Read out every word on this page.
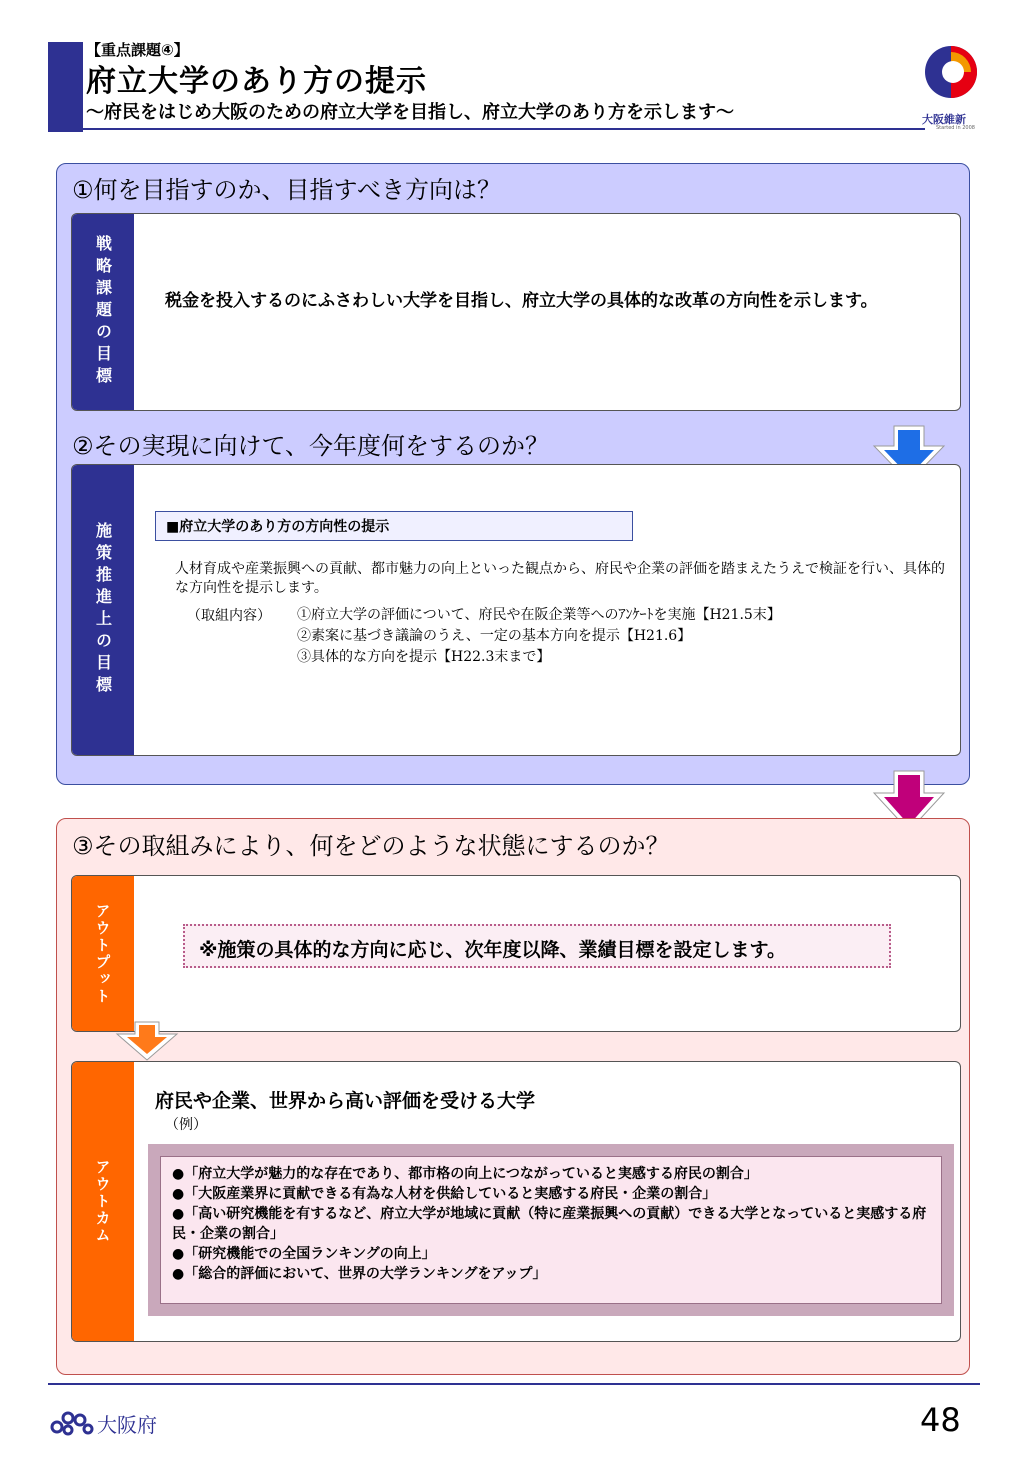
【重点課題④】
府立大学のあり方の提示
～府民をはじめ大阪のための府立大学を目指し、府立大学のあり方を示します～	大阪維新
Started in 2008
①何を目指すのか、目指すべき方向は？
戦略課題の目標	税金を投入するのにふさわしい大学を目指し、府立大学の具体的な改革の方向性を示します。
②その実現に向けて、今年度何をするのか？
施策推進上の目標	■府立大学のあり方の方向性の提示
人材育成や産業振興への貢献、都市魅力の向上といった観点から、府民や企業の評価を踏まえたうえで検証を行い、具体的な方向性を提示します。
（取組内容） ①府立大学の評価について、府民や在阪企業等へのｱﾝｹｰﾄを実施【H21.5末】
②素案に基づき議論のうえ、一定の基本方向を提示【H21.6】
③具体的な方向を提示【H22.3末まで】
③その取組みにより、何をどのような状態にするのか？
アウトプット	※施策の具体的な方向に応じ、次年度以降、業績目標を設定します。
アウトカム
府民や企業、世界から高い評価を受ける大学
（例）
●「府立大学が魅力的な存在であり、都市格の向上につながっていると実感する府民の割合」
●「大阪産業界に貢献できる有為な人材を供給していると実感する府民・企業の割合」
●「高い研究機能を有するなど、府立大学が地域に貢献（特に産業振興への貢献）できる大学となっていると実感する府民・企業の割合」
●「研究機能での全国ランキングの向上」
●「総合的評価において、世界の大学ランキングをアップ」
大阪府	48
